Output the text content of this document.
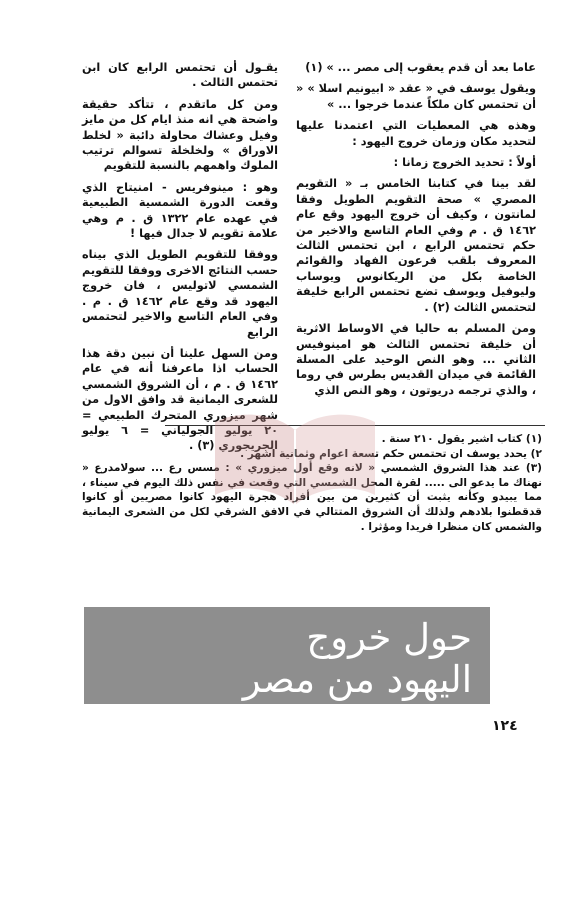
عاما بعد أن قدم يعقوب إلى مصر ... » (١)

ويقول يوسف في « عقد « ابيونيم اسلا » « أن تحتمس كان ملكاً عندما خرجوا ... »

وهذه هي المعطيات التي اعتمدنا عليها لتحديد مكان وزمان خروج اليهود :

أولاً : تحديد الخروج زمانا :

لقد بينا في كتابنا الخامس بـ « التقويم المصري » صحة التقويم الطويل وفقا لمانتون ، وكيف أن خروج اليهود وقع عام ١٤٦٢ ق . م وفي العام التاسع والاخير من حكم تحتمس الرابع ، ابن تحتمس الثالث المعروف بلقب فرعون الفهاد والقوائم الخاصة بكل من الريكانوس ويوساب وليوفيل ويوسف تضع تحتمس الرابع خليفة لتحتمس الثالث (٢) .

ومن المسلم به حاليا في الاوساط الاثرية أن خليفة تحتمس الثالث هو امينوفيس الثاني ... وهو النص الوحيد على المسلة القائمة في ميدان القديس بطرس في روما ، والذي ترجمه دريوتون ، وهو النص الذي

يقـول أن تحتمس الرابع كان ابن تحتمس الثالث .

ومن كل ماتقدم ، تتأكد حقيقة واضحة هي انه منذ ايام كل من مايز وفيل وعشاك محاولة دائبة « لخلط الاوراق » ولخلخلة تسوالم ترتيب الملوك واهمهم بالنسبة للتقويم

وهو : مينوفريس - امنيتاح الذي وقعت الدورة الشمسية الطبيعية في عهده عام ١٣٢٢ ق . م وهي علامة تقويم لا جدال فيها !

ووفقا للتقويم الطويل الذي بيناه حسب النتائج الاخرى ووفقا للتقويم الشمسي لاتوليس ، فان خروج اليهود قد وقع عام ١٤٦٢ ق . م . وفي العام التاسع والاخير لتحتمس الرابع

ومن السهل علينا أن نبين دقة هذا الحساب اذا ماعرفنا أنه في عام ١٤٦٢ ق . م ، أن الشروق الشمسي للشعرى اليمانية قد وافق الاول من شهر ميزوري المتحرك الطبيعي = ٢٠ يوليو الجولياني = ٦ يوليو الجريجوري (٣) .

(١) كتاب اشير يقول ٢١٠ سنة .

٢) يحدد يوسف ان تحتمس حكم تسعة اعوام وثمانية اشهر .

(٣) عند هذا الشروق الشمسي « لانه وقع أول ميزوري » : مسس رع ... سولامدرع « نهناك ما يدعو الى ..... لقرة المحل الشمسي التي وقعت في نفس ذلك اليوم في سيناء ، مما يبيدو وكأنه يثبت أن كثيرين من بين أفراد هجرة اليهود كانوا مصريين أو كانوا قدقطنوا بلادهم ولذلك أن الشروق المتتالي في الافق الشرقي لكل من الشعرى اليمانية والشمس كان منظرا فريدا ومؤثرا .

حول خروج
اليهود من مصر
١٢٤
